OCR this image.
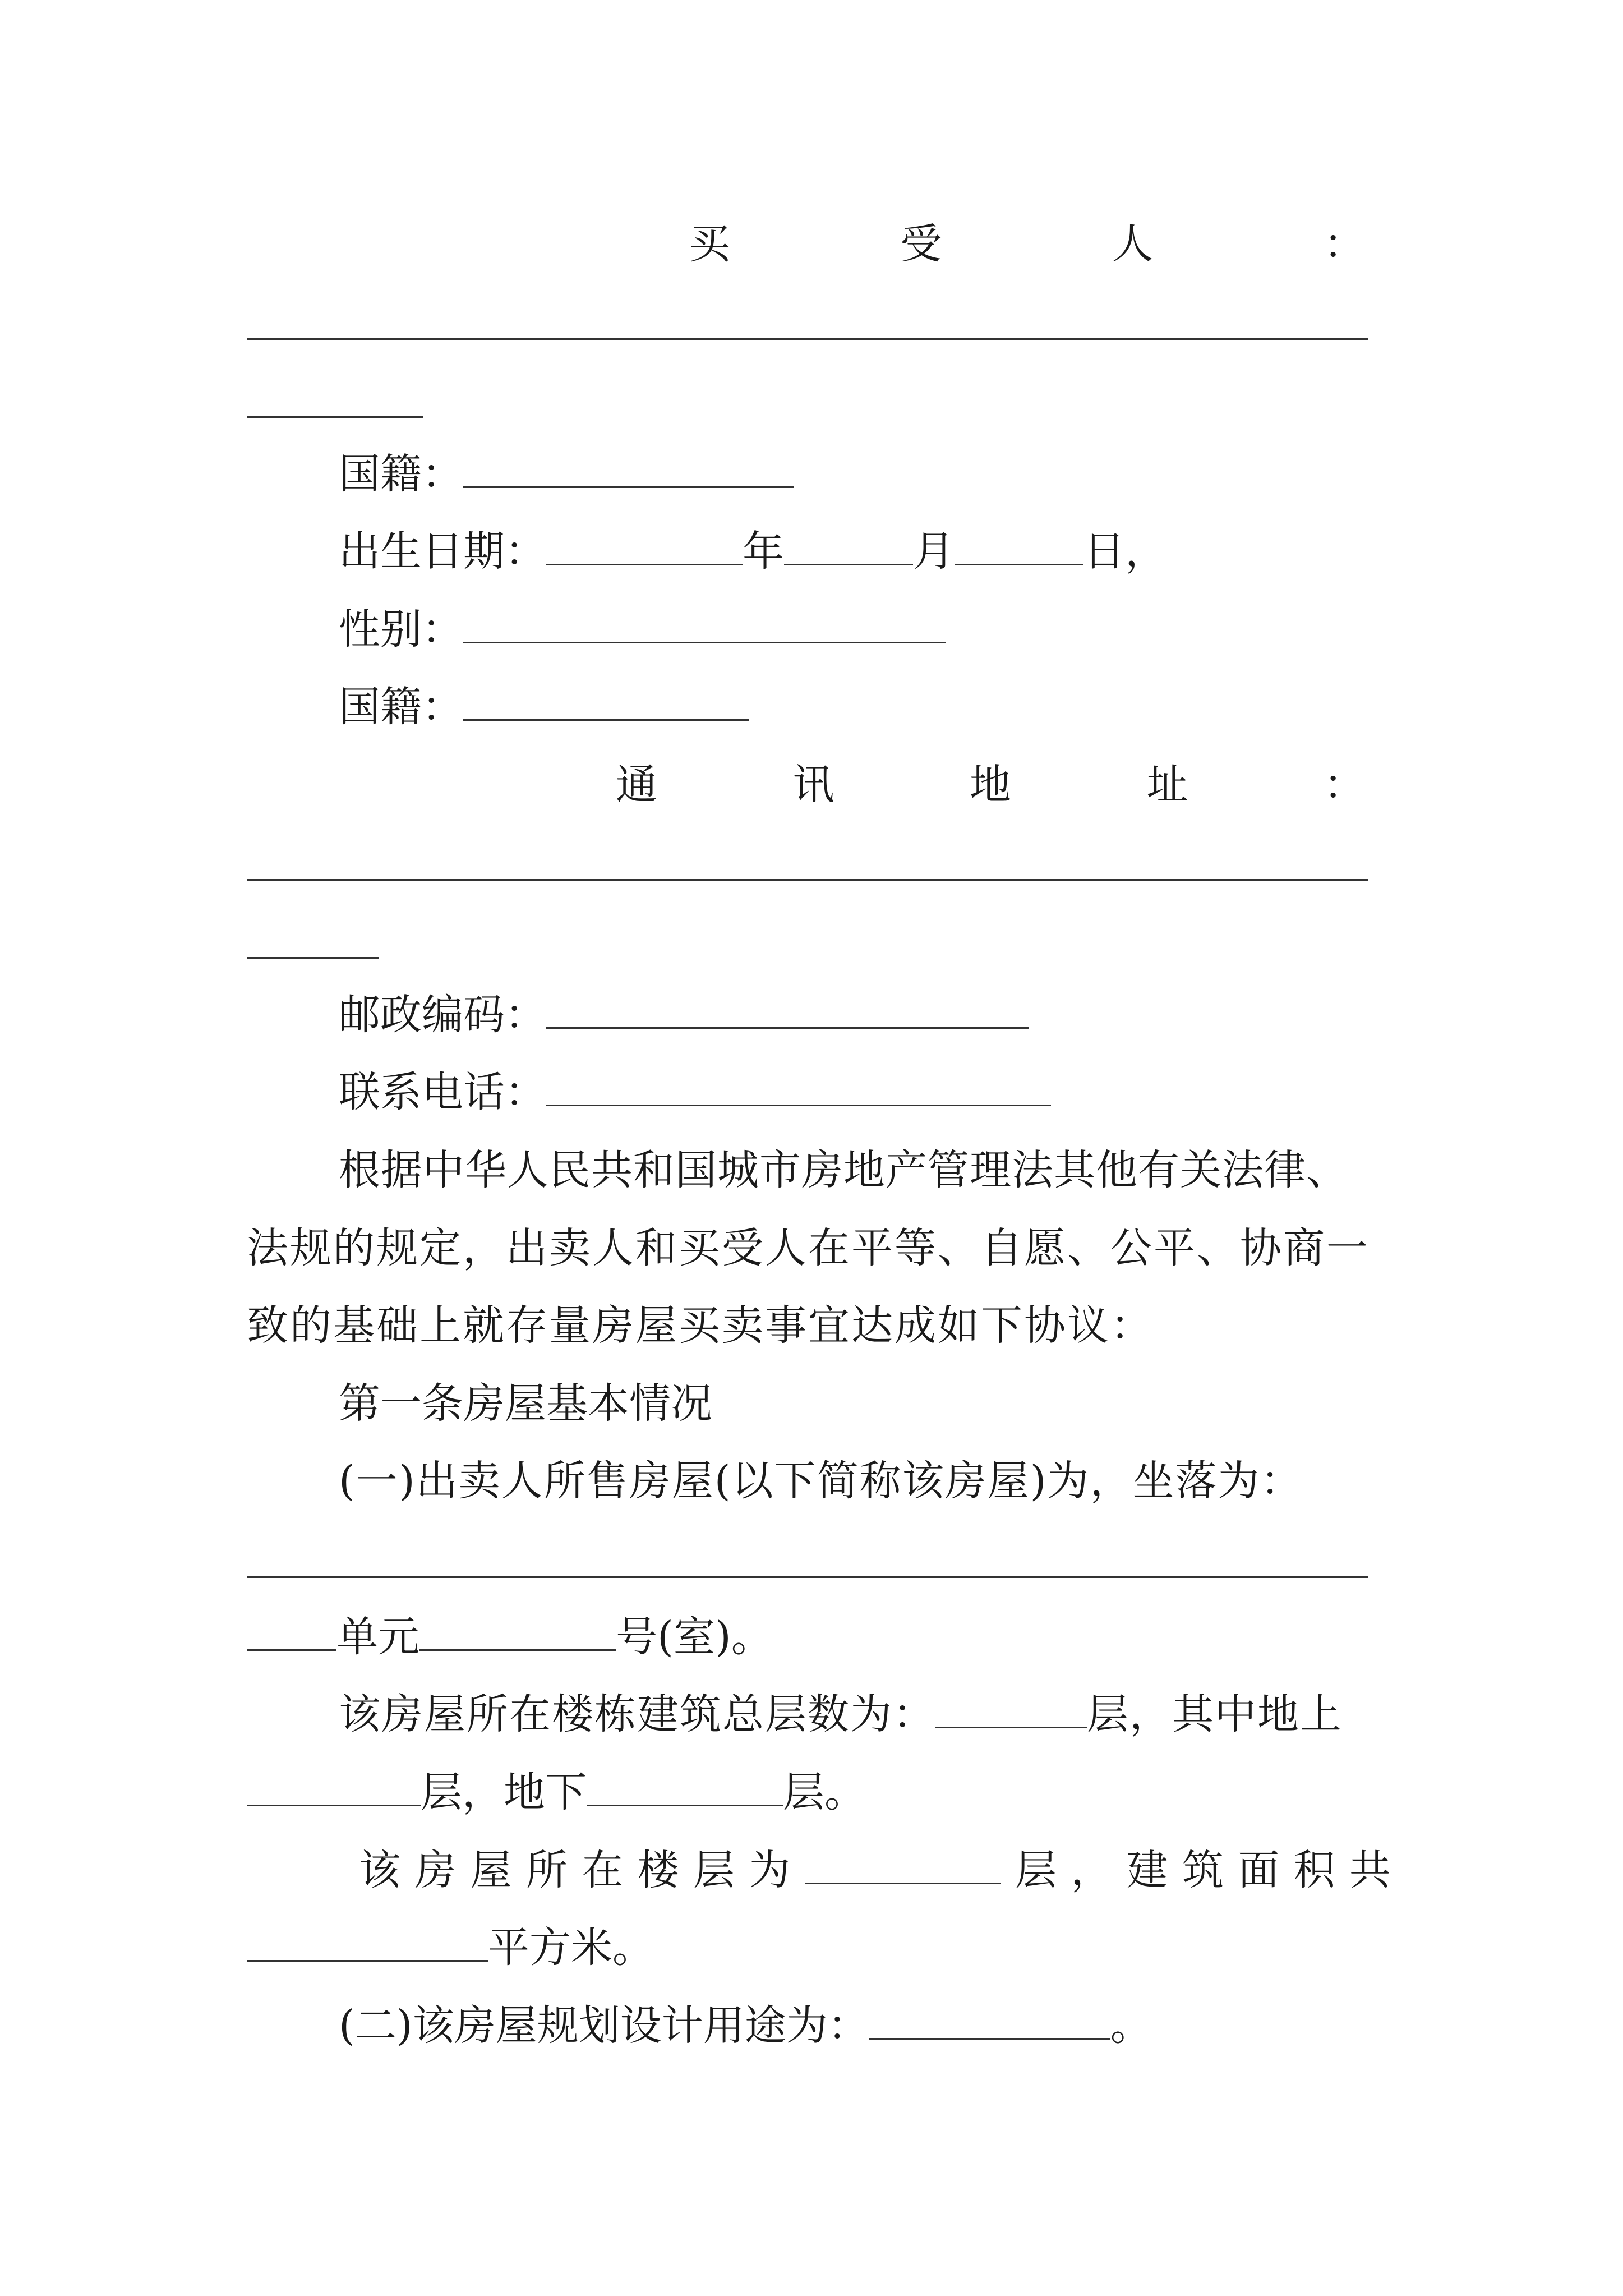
买	受	人	：
国籍：
出生日期：	年	月	日，
性别：
国籍：
通	讯	地	址	：
邮政编码：
联系电话：
根据中华人民共和国城市房地产管理法其他有关法律、
法规的规定，出卖人和买受人在平等、自愿、公平、协商一
致的基础上就存量房屋买卖事宜达成如下协议：
第一条房屋基本情况
(一)出卖人所售房屋(以下简称该房屋)为，坐落为：
单元	号(室)。
该房屋所在楼栋建筑总层数为：	层，其中地上
层，地下	层。
该 房 屋 所 在 楼 层 为	层 ， 建 筑 面 积 共
平方米。
(二)该房屋规划设计用途为：	。
